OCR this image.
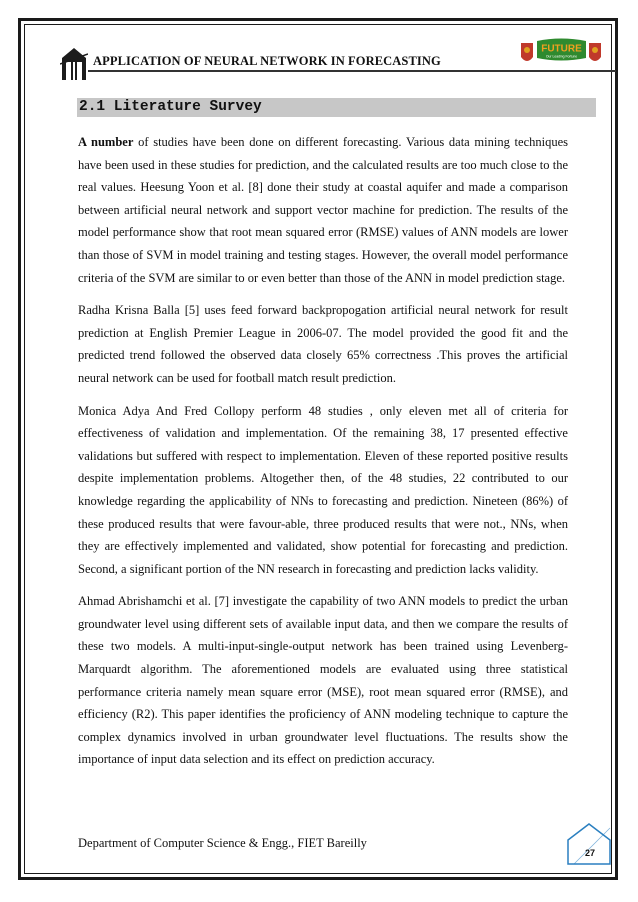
APPLICATION OF NEURAL NETWORK IN FORECASTING
FUTURE
Our Leading Fortune
2.1 Literature Survey

A number of studies have been done on different forecasting. Various data mining techniques have been used in these studies for prediction, and the calculated results are too much close to the real values. Heesung Yoon et al. [8] done their study at coastal aquifer and made a comparison between artificial neural network and support vector machine for prediction. The results of the model performance show that root mean squared error (RMSE) values of ANN models are lower than those of SVM in model training and testing stages. However, the overall model performance criteria of the SVM are similar to or even better than those of the ANN in model prediction stage.

Radha Krisna Balla [5] uses feed forward backpropogation artificial neural network for result prediction at English Premier League in 2006-07. The model provided the good fit and the predicted trend followed the observed data closely 65% correctness .This proves the artificial neural network can be used for football match result prediction.

Monica Adya And Fred Collopy perform 48 studies , only eleven met all of criteria for effectiveness of validation and implementation. Of the remaining 38, 17 presented effective validations but suffered with respect to implementation. Eleven of these reported positive results despite implementation problems. Altogether then, of the 48 studies, 22 contributed to our knowledge regarding the applicability of NNs to forecasting and prediction. Nineteen (86%) of these produced results that were favour-able, three produced results that were not., NNs, when they are effectively implemented and validated, show potential for forecasting and prediction. Second, a significant portion of the NN research in forecasting and prediction lacks validity.

Ahmad Abrishamchi et al. [7] investigate the capability of two ANN models to predict the urban groundwater level using different sets of available input data, and then we compare the results of these two models. A multi-input-single-output network has been trained using Levenberg-Marquardt algorithm. The aforementioned models are evaluated using three statistical performance criteria namely mean square error (MSE), root mean squared error (RMSE), and efficiency (R2). This paper identifies the proficiency of ANN modeling technique to capture the complex dynamics involved in urban groundwater level fluctuations. The results show the importance of input data selection and its effect on prediction accuracy.

Department of Computer Science & Engg., FIET Bareilly
27
